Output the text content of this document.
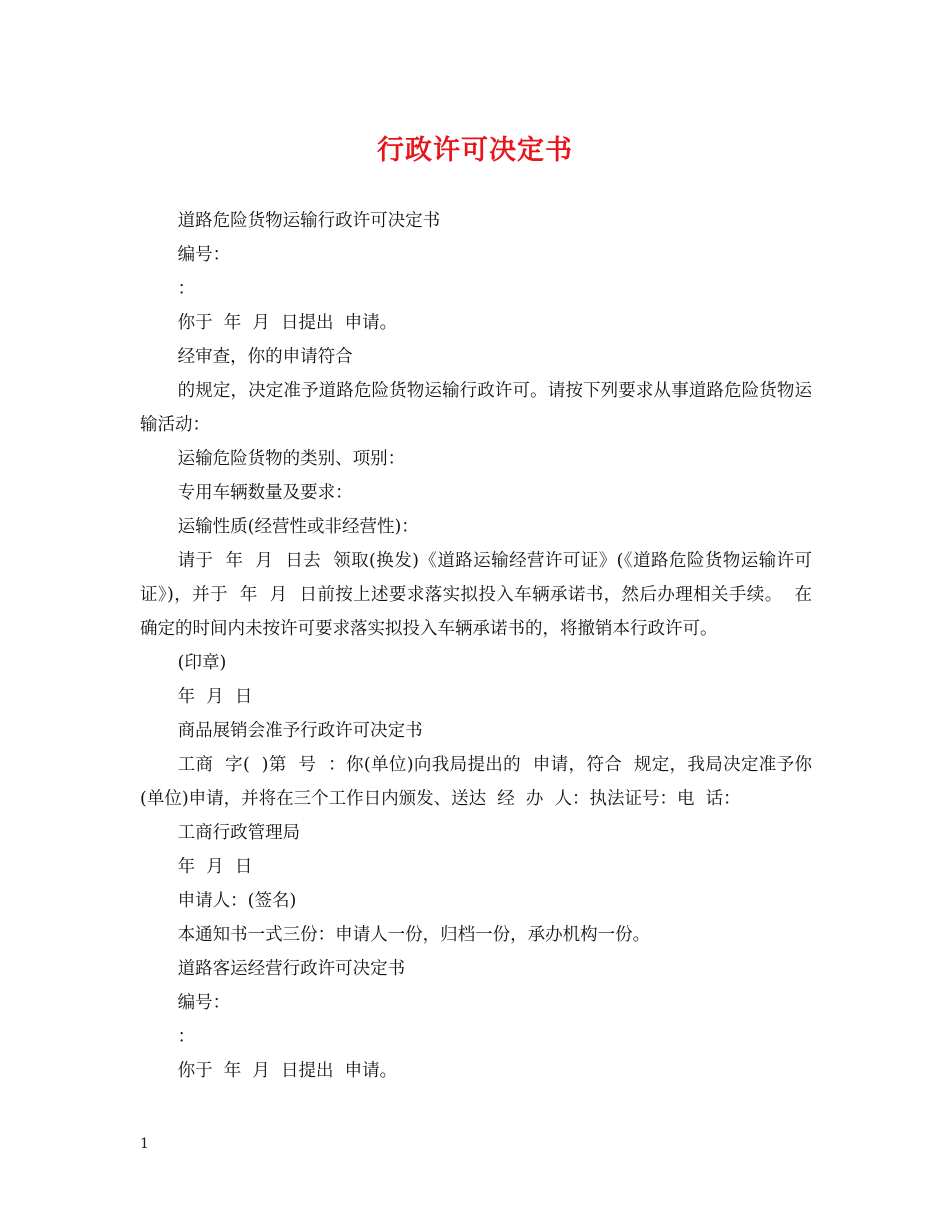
行政许可决定书

道路危险货物运输行政许可决定书

编号：

：

你于  年  月  日提出  申请。

经审查，你的申请符合

的规定，决定准予道路危险货物运输行政许可。请按下列要求从事道路危险货物运输活动：

运输危险货物的类别、项别：

专用车辆数量及要求：

运输性质(经营性或非经营性)：

请于  年  月  日去  领取(换发)《道路运输经营许可证》(《道路危险货物运输许可证》)，并于  年  月  日前按上述要求落实拟投入车辆承诺书，然后办理相关手续。  在确定的时间内未按许可要求落实拟投入车辆承诺书的，将撤销本行政许可。

(印章)

年  月  日

商品展销会准予行政许可决定书

工商  字(  )第  号  ：你(单位)向我局提出的  申请，符合  规定，我局决定准予你(单位)申请，并将在三个工作日内颁发、送达  经  办  人：执法证号：电  话：

工商行政管理局

年  月  日

申请人：(签名)

本通知书一式三份：申请人一份，归档一份，承办机构一份。

道路客运经营行政许可决定书

编号：

：

你于  年  月  日提出  申请。

1
